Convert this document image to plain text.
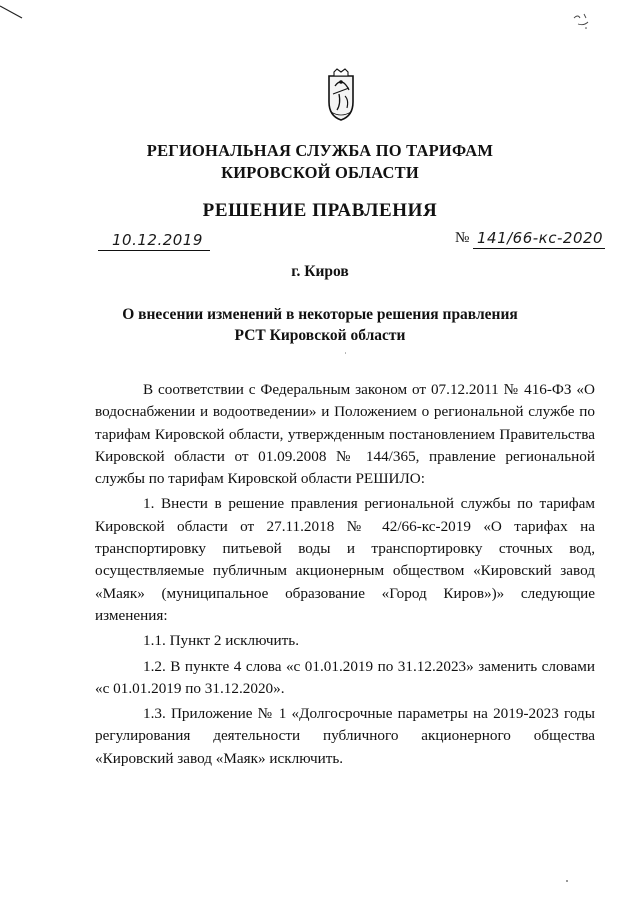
РЕГИОНАЛЬНАЯ СЛУЖБА ПО ТАРИФАМ
КИРОВСКОЙ ОБЛАСТИ
РЕШЕНИЕ ПРАВЛЕНИЯ
10.12.2019	№ 141/66-кс-2020
г. Киров
О внесении изменений в некоторые решения правления
РСТ Кировской области
˙

В соответствии с Федеральным законом от 07.12.2011 № 416-ФЗ «О водоснабжении и водоотведении» и Положением о региональной службе по тарифам Кировской области, утвержденным постановлением Правительства Кировской области от 01.09.2008 № 144/365, правление региональной службы по тарифам Кировской области РЕШИЛО:

1. Внести в решение правления региональной службы по тарифам Кировской области от 27.11.2018 № 42/66-кс-2019 «О тарифах на транспортировку питьевой воды и транспортировку сточных вод, осуществляемые публичным акционерным обществом «Кировский завод «Маяк» (муниципальное образование «Город Киров»)» следующие изменения:

1.1. Пункт 2 исключить.

1.2. В пункте 4 слова «с 01.01.2019 по 31.12.2023» заменить словами «с 01.01.2019 по 31.12.2020».

1.3. Приложение № 1 «Долгосрочные параметры на 2019-2023 годы регулирования деятельности публичного акционерного общества «Кировский завод «Маяк» исключить.
